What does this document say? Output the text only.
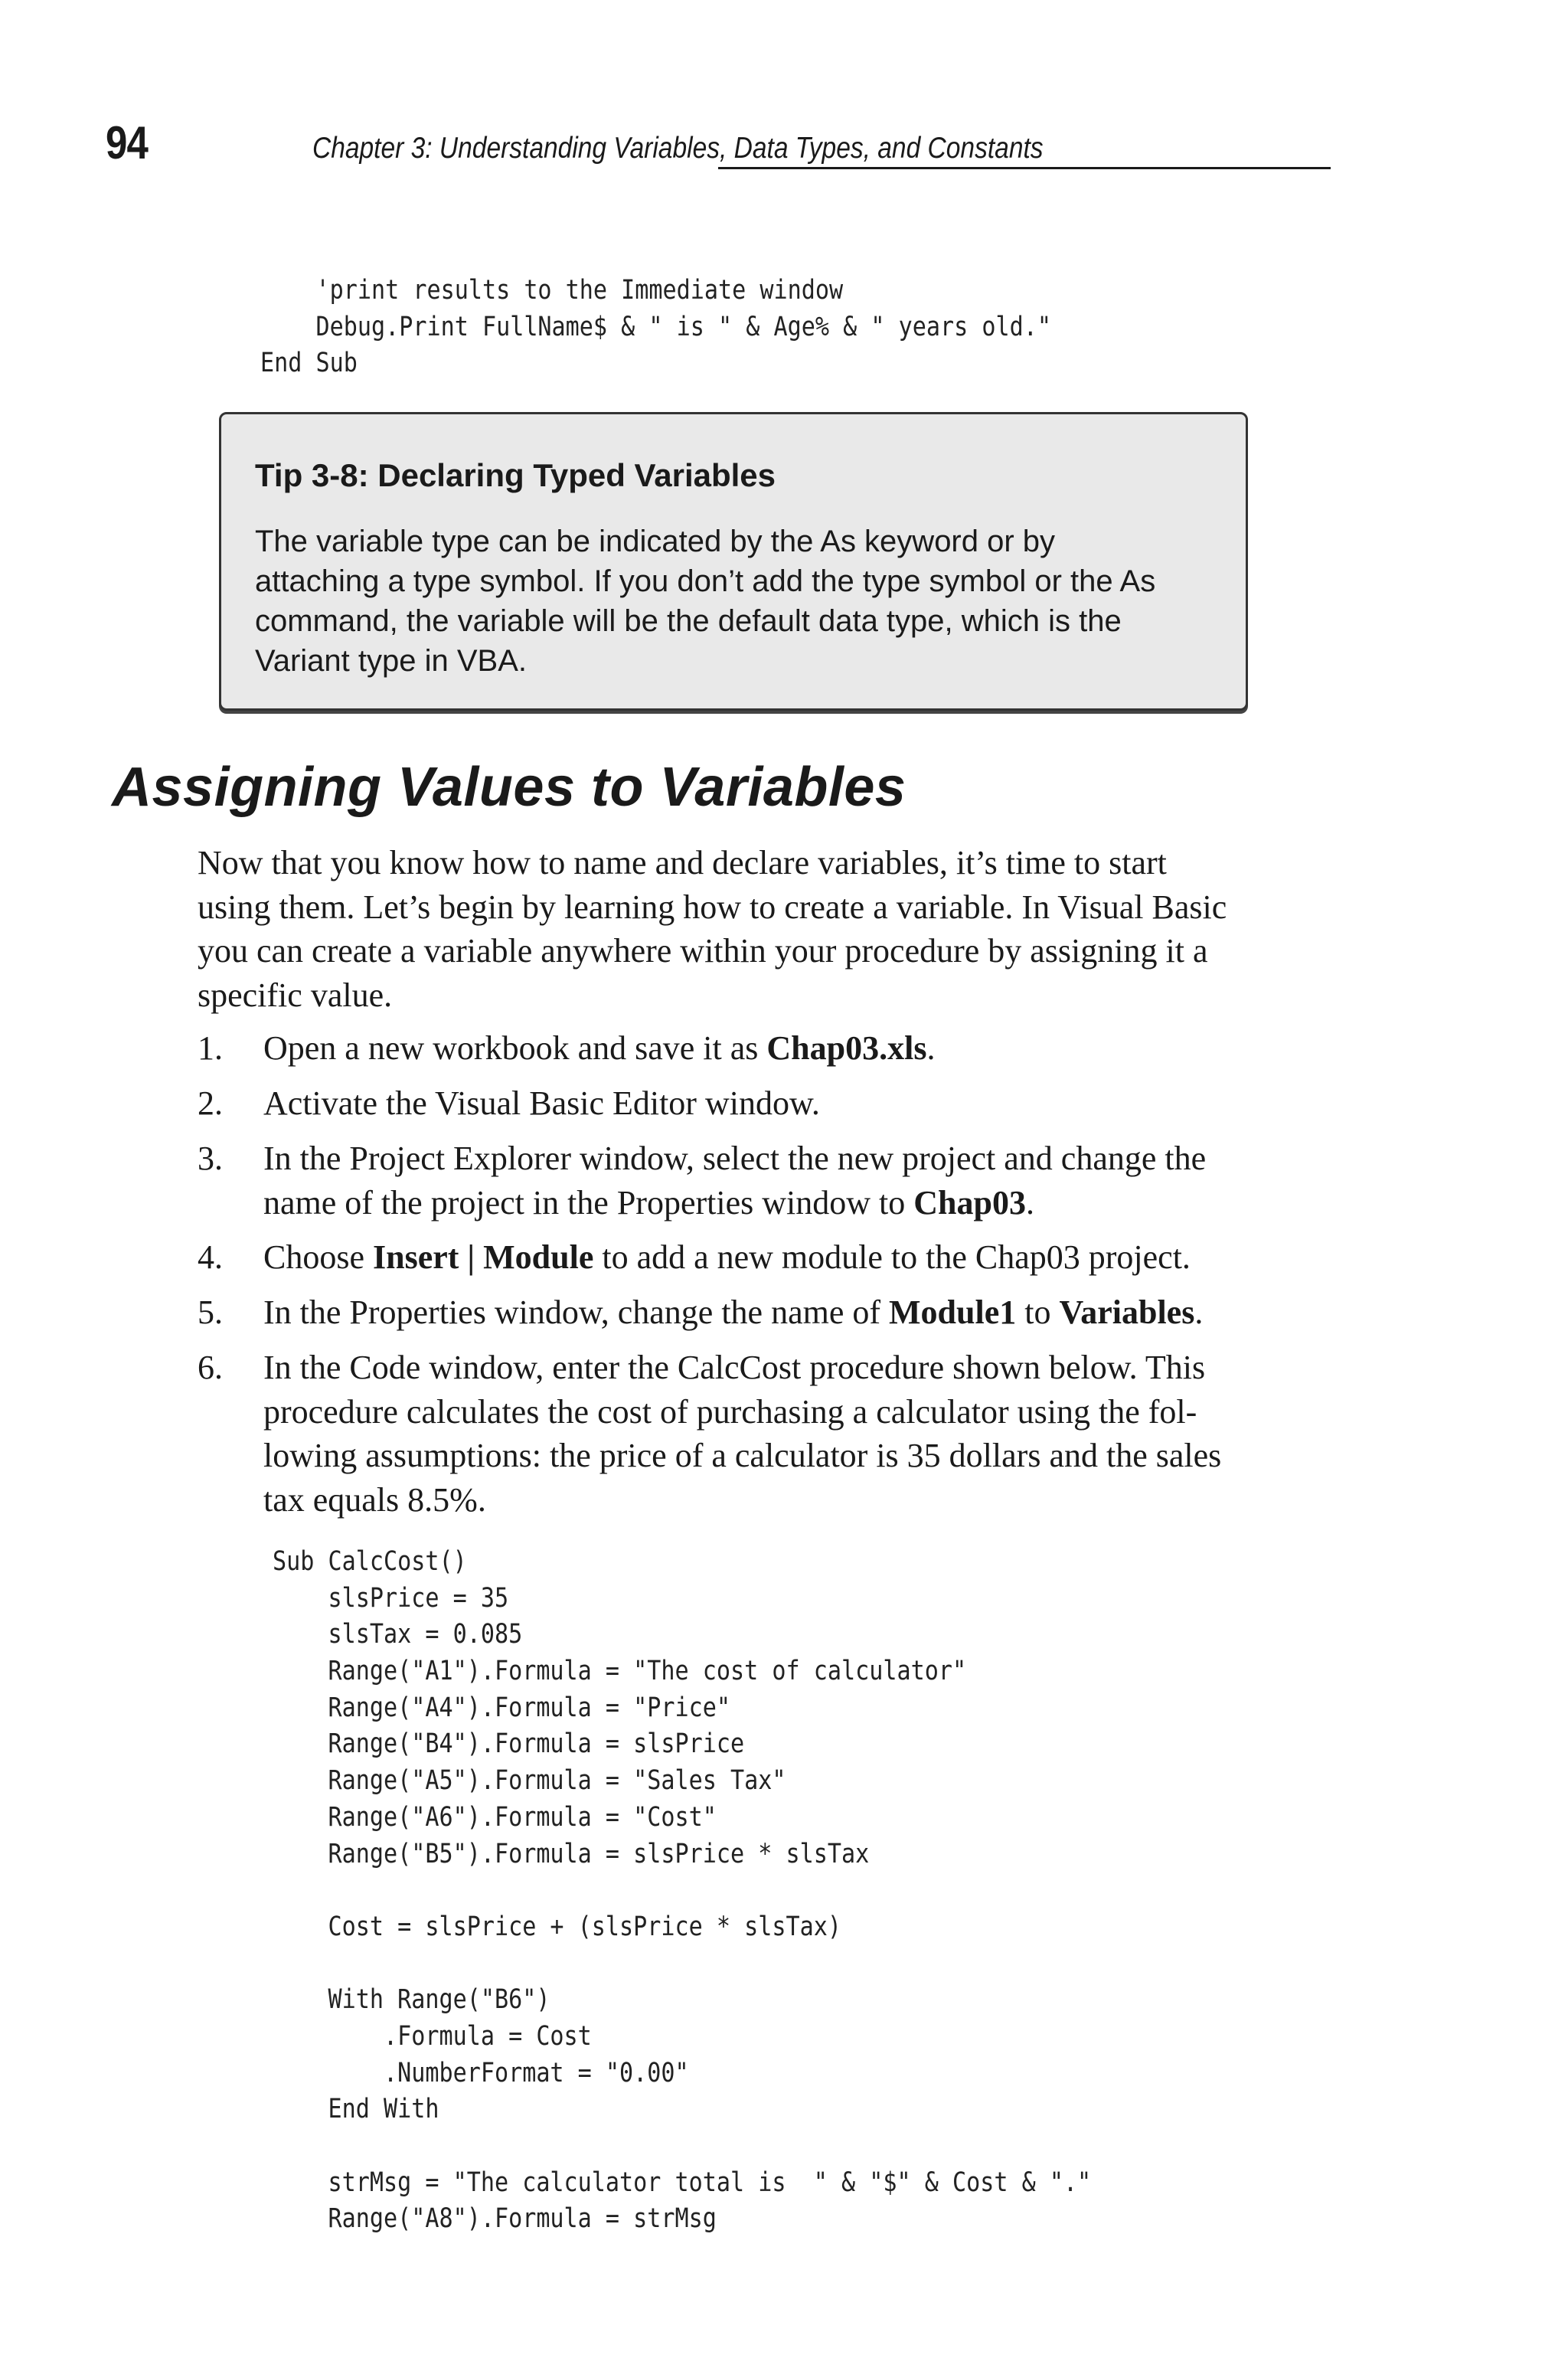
94	Chapter 3: Understanding Variables, Data Types, and Constants
'print results to the Immediate window
Debug.Print FullName$ & " is " & Age% & " years old."
End Sub
Tip 3-8: Declaring Typed Variables
The variable type can be indicated by the As keyword or by
attaching a type symbol. If you don’t add the type symbol or the As
command, the variable will be the default data type, which is the
Variant type in VBA.
Assigning Values to Variables

Now that you know how to name and declare variables, it’s time to start
using them. Let’s begin by learning how to create a variable. In Visual Basic
you can create a variable anywhere within your procedure by assigning it a
specific value.

1. Open a new workbook and save it as Chap03.xls.
2. Activate the Visual Basic Editor window.
3. In the Project Explorer window, select the new project and change the
name of the project in the Properties window to Chap03.
4. Choose Insert | Module to add a new module to the Chap03 project.
5. In the Properties window, change the name of Module1 to Variables.
6. In the Code window, enter the CalcCost procedure shown below. This
procedure calculates the cost of purchasing a calculator using the fol-
lowing assumptions: the price of a calculator is 35 dollars and the sales
tax equals 8.5%.
Sub CalcCost()
slsPrice = 35
slsTax = 0.085
Range("A1").Formula = "The cost of calculator"
Range("A4").Formula = "Price"
Range("B4").Formula = slsPrice
Range("A5").Formula = "Sales Tax"
Range("A6").Formula = "Cost"
Range("B5").Formula = slsPrice * slsTax
Cost = slsPrice + (slsPrice * slsTax)
With Range("B6")
.Formula = Cost
.NumberFormat = "0.00"
End With
strMsg = "The calculator total is  " & "$" & Cost & "."
Range("A8").Formula = strMsg
